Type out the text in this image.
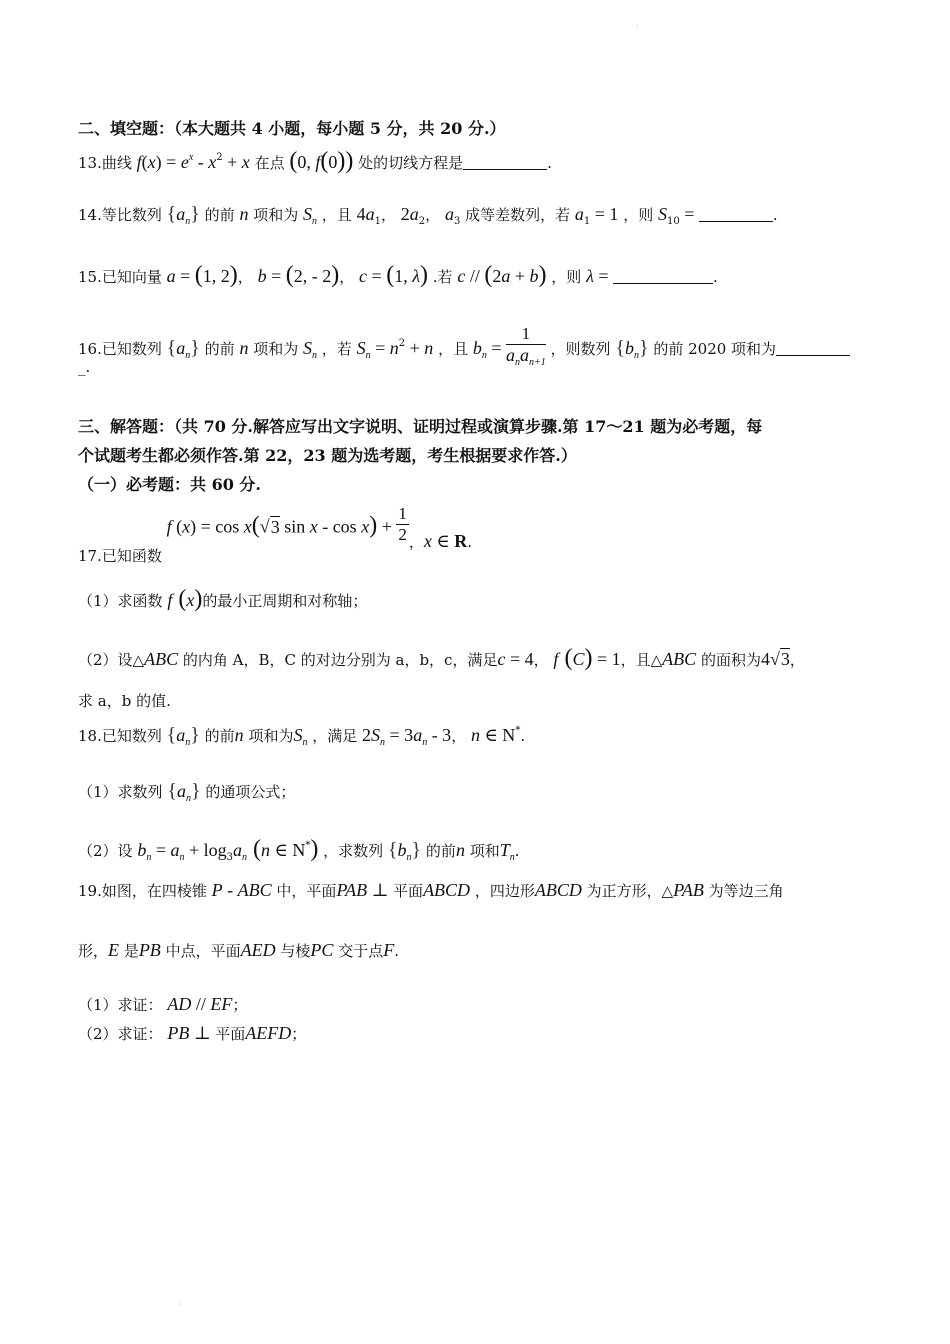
·
二、填空题：（本大题共 4 小题，每小题 5 分，共 20 分.）
13.曲线 $f(x) = e^x - x^2 + x$ 在点 (0, f(0)) 处的切线方程是	.
14.等比数列 $\{a_n\}$ 的前 n 项和为 $S_n$ ，且 $4a_1$， $2a_2$， $a_3$ 成等差数列，若 $a_1 = 1$ ，则 $S_{10}$ =	.
15.已知向量 a = (1, 2)， b = (2, - 2)， c = (1, λ) .若 c // (2a + b) ，则 λ =	.
16.已知数列 $\{a_n\}$ 的前 n 项和为 $S_n$ ，若 $S_n = n^2 + n$ ，且 $b_n = \frac{1}{a_na_{n+1}}$ ，则数列 $\{b_n\}$ 的前 2020 项和为
_.
三、解答题：（共 70 分.解答应写出文字说明、证明过程或演算步骤.第 17～21 题为必考题，每
个试题考生都必须作答.第 22，23 题为选考题，考生根据要求作答.）
（一）必考题：共 60 分.
17.已知函数 f (x) = cos x(√3 $\sin x - \cos x) + \frac{1}{2}$ ，x ∈ R.
（1）求函数 f (x)的最小正周期和对称轴；
（2）设△ABC 的内角 A，B，C 的对边分别为 a，b，c，满足c = 4， f (C) = 1，且△ABC 的面积为4√3，
求 a，b 的值.
18.已知数列 $\{a_n\}$ 的前n 项和为$S_n$ ，满足 $2S_n = 3a_n - 3$， n ∈ N*.
（1）求数列 $\{a_n\}$ 的通项公式；
（2）设 $b_n = a_n + \log_3a_n$ (n ∈ N*) ，求数列 $\{b_n\}$ 的前n 项和$T_n$.
19.如图，在四棱锥 P - ABC 中，平面PAB ⊥ 平面ABCD ，四边形ABCD 为正方形，△PAB 为等边三角
形，E 是PB 中点，平面AED 与棱PC 交于点F.
（1）求证： AD // EF；
（2）求证： PB ⊥ 平面AEFD；
·
